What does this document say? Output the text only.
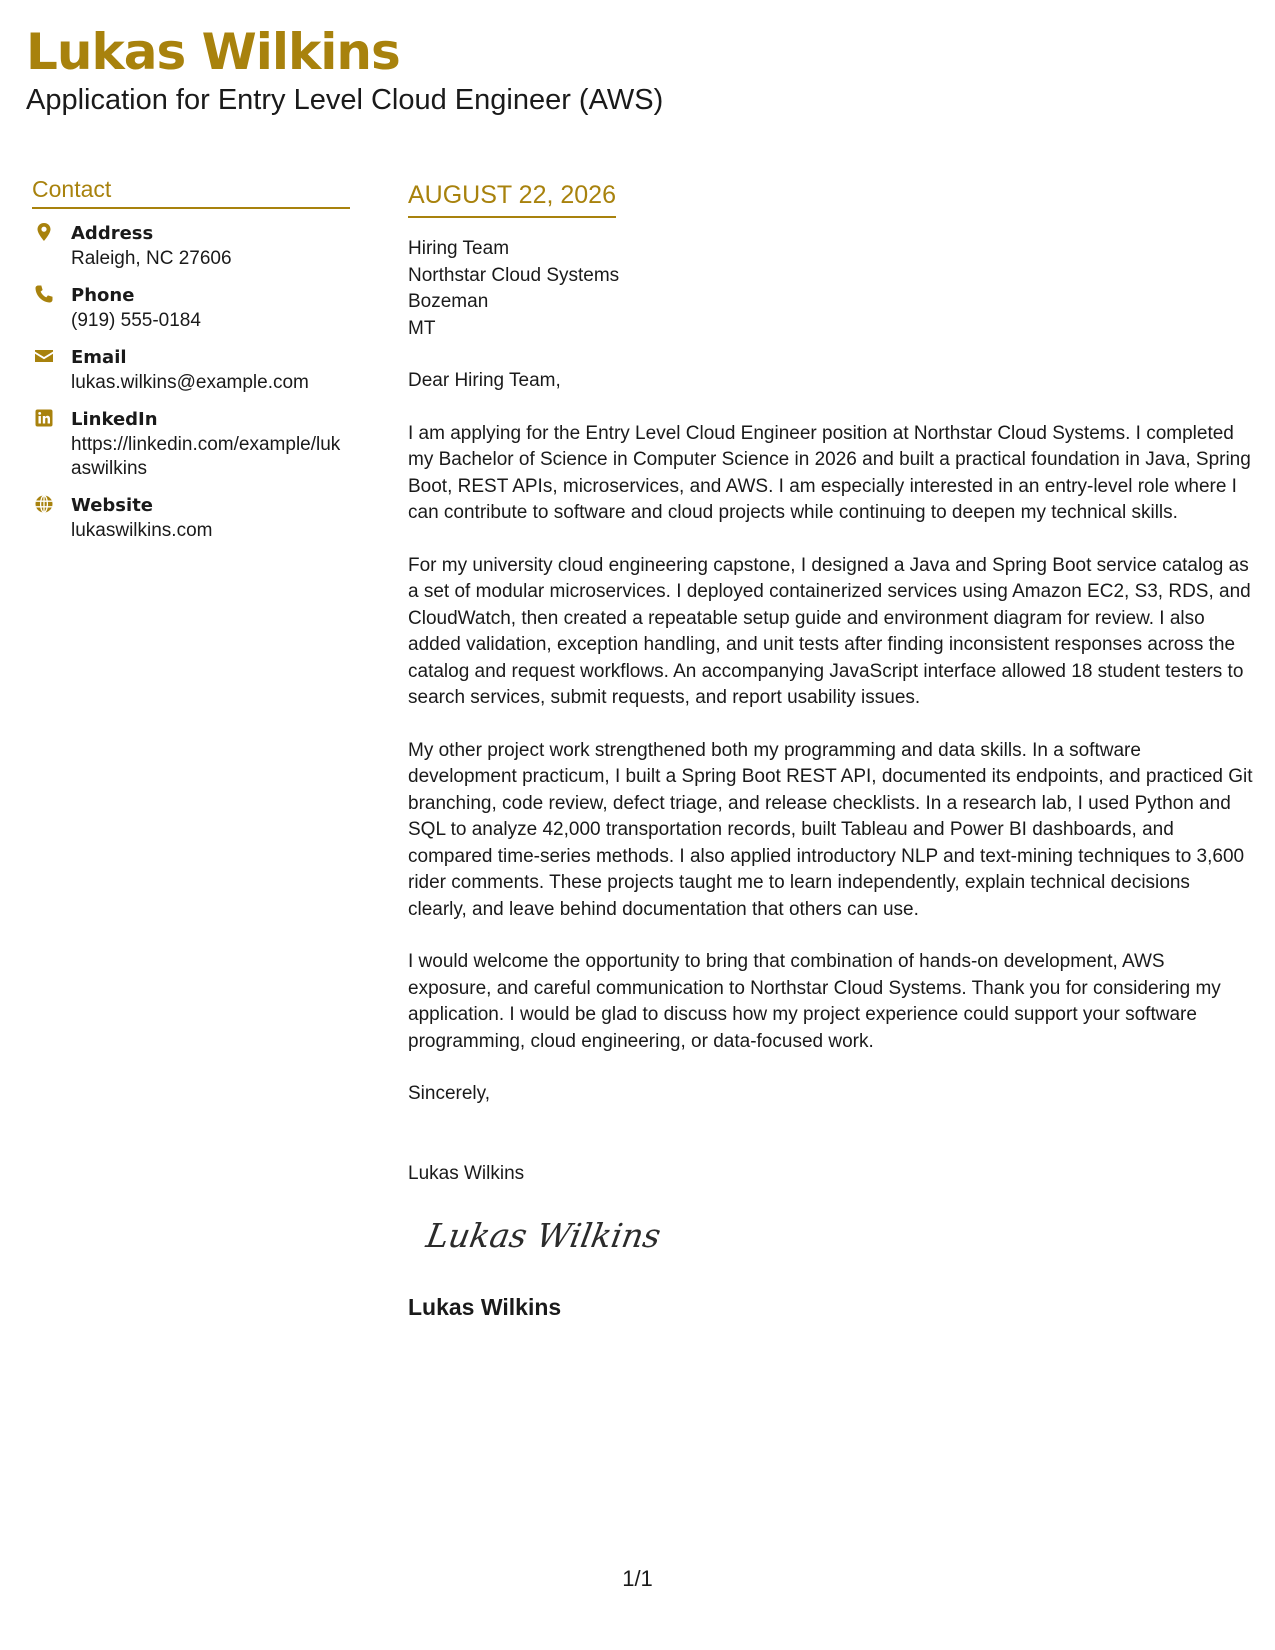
Lukas Wilkins

Application for Entry Level Cloud Engineer (AWS)

Contact
Address
Raleigh, NC 27606
Phone
(919) 555-0184
Email
lukas.wilkins@example.com
LinkedIn
https://linkedin.com/example/lukaswilkins
Website
lukaswilkins.com
AUGUST 22, 2026
Hiring Team
Northstar Cloud Systems
Bozeman
MT
Dear Hiring Team,
I am applying for the Entry Level Cloud Engineer position at Northstar Cloud Systems. I completed my Bachelor of Science in Computer Science in 2026 and built a practical foundation in Java, Spring Boot, REST APIs, microservices, and AWS. I am especially interested in an entry-level role where I can contribute to software and cloud projects while continuing to deepen my technical skills.
For my university cloud engineering capstone, I designed a Java and Spring Boot service catalog as a set of modular microservices. I deployed containerized services using Amazon EC2, S3, RDS, and CloudWatch, then created a repeatable setup guide and environment diagram for review. I also added validation, exception handling, and unit tests after finding inconsistent responses across the catalog and request workflows. An accompanying JavaScript interface allowed 18 student testers to search services, submit requests, and report usability issues.
My other project work strengthened both my programming and data skills. In a software development practicum, I built a Spring Boot REST API, documented its endpoints, and practiced Git branching, code review, defect triage, and release checklists. In a research lab, I used Python and SQL to analyze 42,000 transportation records, built Tableau and Power BI dashboards, and compared time-series methods. I also applied introductory NLP and text-mining techniques to 3,600 rider comments. These projects taught me to learn independently, explain technical decisions clearly, and leave behind documentation that others can use.
I would welcome the opportunity to bring that combination of hands-on development, AWS exposure, and careful communication to Northstar Cloud Systems. Thank you for considering my application. I would be glad to discuss how my project experience could support your software programming, cloud engineering, or data-focused work.
Sincerely,
Lukas Wilkins
Lukas Wilkins
Lukas Wilkins
1/1
